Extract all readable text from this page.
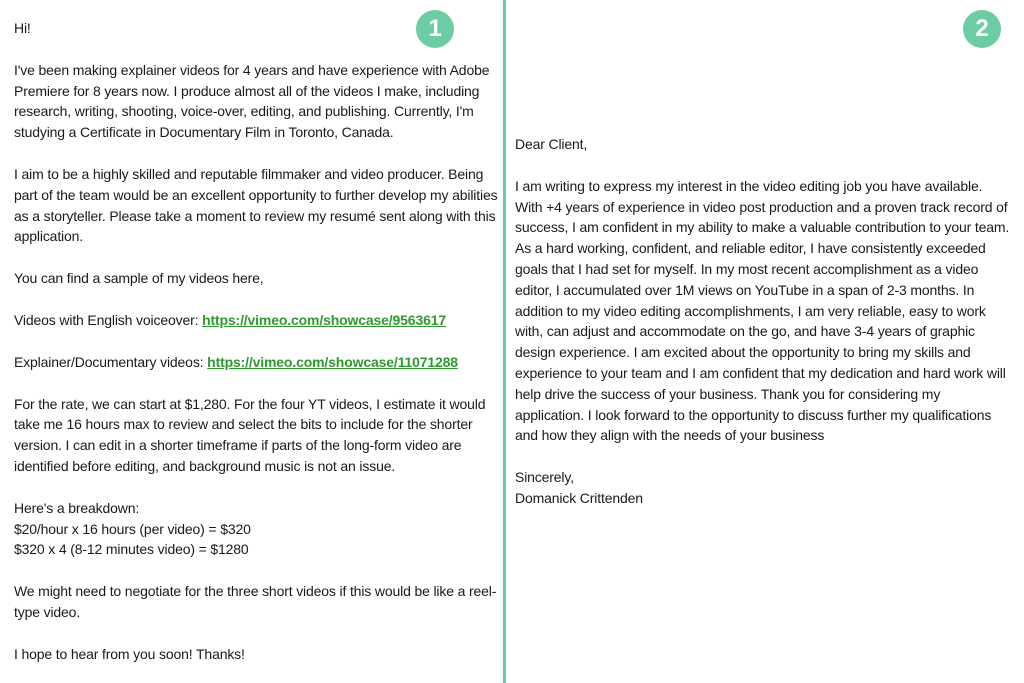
Hi!

I've been making explainer videos for 4 years and have experience with Adobe Premiere for 8 years now. I produce almost all of the videos I make, including research, writing, shooting, voice-over, editing, and publishing. Currently, I'm studying a Certificate in Documentary Film in Toronto, Canada.

I aim to be a highly skilled and reputable filmmaker and video producer. Being part of the team would be an excellent opportunity to further develop my abilities as a storyteller. Please take a moment to review my resumé sent along with this application.

You can find a sample of my videos here,

Videos with English voiceover: https://vimeo.com/showcase/9563617

Explainer/Documentary videos: https://vimeo.com/showcase/11071288

For the rate, we can start at $1,280. For the four YT videos, I estimate it would take me 16 hours max to review and select the bits to include for the shorter version. I can edit in a shorter timeframe if parts of the long-form video are identified before editing, and background music is not an issue.

Here's a breakdown:
$20/hour x 16 hours (per video) = $320
$320 x 4 (8-12 minutes video) = $1280

We might need to negotiate for the three short videos if this would be like a reel-type video.

I hope to hear from you soon! Thanks!

1	2

Dear Client,

I am writing to express my interest in the video editing job you have available. With +4 years of experience in video post production and a proven track record of success, I am confident in my ability to make a valuable contribution to your team. As a hard working, confident, and reliable editor, I have consistently exceeded goals that I had set for myself. In my most recent accomplishment as a video editor, I accumulated over 1M views on YouTube in a span of 2-3 months. In addition to my video editing accomplishments, I am very reliable, easy to work with, can adjust and accommodate on the go, and have 3-4 years of graphic design experience. I am excited about the opportunity to bring my skills and experience to your team and I am confident that my dedication and hard work will help drive the success of your business. Thank you for considering my application. I look forward to the opportunity to discuss further my qualifications and how they align with the needs of your business

Sincerely,
Domanick Crittenden
